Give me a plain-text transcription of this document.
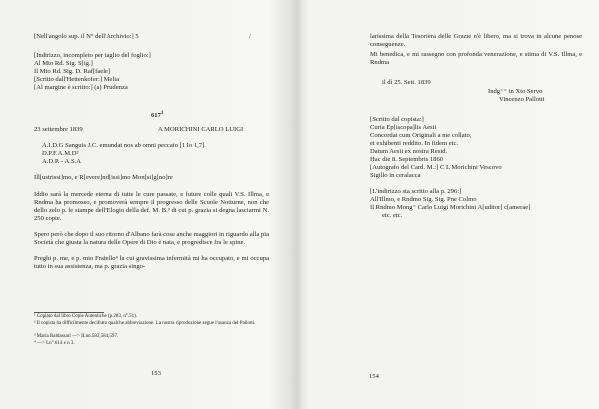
[Nell'angolo sup. il N° dell'Archivio:] 5	/
[Indirizzo, incompleto per taglio del foglio:]
Al Mto Rd. Sig. S[ig.]
Il Mto Rd. Sig. D. Raf[faele]
[Scritto dall'Hettenkofer:] Melia
[Al margine è scritto:] (a) Prudenza
$617^1$
23 settembre 1839	A MORICHINI CARLO LUIGI
A.I.D.G Sanguis J.C. emundat nos ab omni peccato [1 Io 1,7].
D.P.F.A.M.D²
A.D.P. - A.S.A
Ill[ustrissi]mo, e R[evere]nd[issi]mo Mon[si]g[no]re
Iddio sarà la mercede eterna di tutte le cure passate, e future colle quali V.S. Illma, e Rndma ha promosso, e promoverà sempre il progresso delle Scuole Notturne, non che dello zelo p. le stampe dell'Elogio della def. M. B.³ di cui p. grazia si degna lasciarmi N. 250 copie.
Spero però che dopo il suo ritorno d'Albano farà cose anche maggiori in riguardo alla pia Società che giusta la natura delle Opere di Dio è nata, e progredisce fra le spine.
Preghi p. me, e p. mio Fratello⁴ la cui gravissima infermità mi ha occupato, e mi occupa tutto in sua assistenza, ma p. grazia singo-
¹ Copiato dal libro Copie Autentiche (p.283, n°.51).
² Il copista ha difficilmente decifrato qualche abbreviazione. La nostra riproduzione segue l'usanza del Pallotti.
³ Maria Baldassari —> II.nn.583,584,597.
⁴ —> Ln° 614 e n 3.
153
larissima della Tesoriera delle Grazie n'è libero, ma si trova in alcune penose conseguenze.
Mi benedica, e mi rassegno con profonda venerazione, e stima di V.S. Illma, e Rndma
il dì 25. Sett. 1839
Indg⁼⁼ in Xto Servo
Vincenzo Pallotti
[Scritto dal copista:]
Curia Ep[iscopa]lis Aesii
Concordat cum Originali a me collato,
et exhibenti reddito. In fidem etc.
Datum Aesii ex nostra Resid.
Hac die 8. Septembris 1860
[Autografo del Card. M.:] C L Morichini Vescovo
Sigillo in ceralacca
[L'indirizzo sta scritto alla p. 296:]
All'Illmo, e Rndmo Sig. Sig. Pne Colmo
Il Rndmo Mong⁼ Carlo Luigi Morichini A[uditor] c[amerae]
etc. etc.
154
